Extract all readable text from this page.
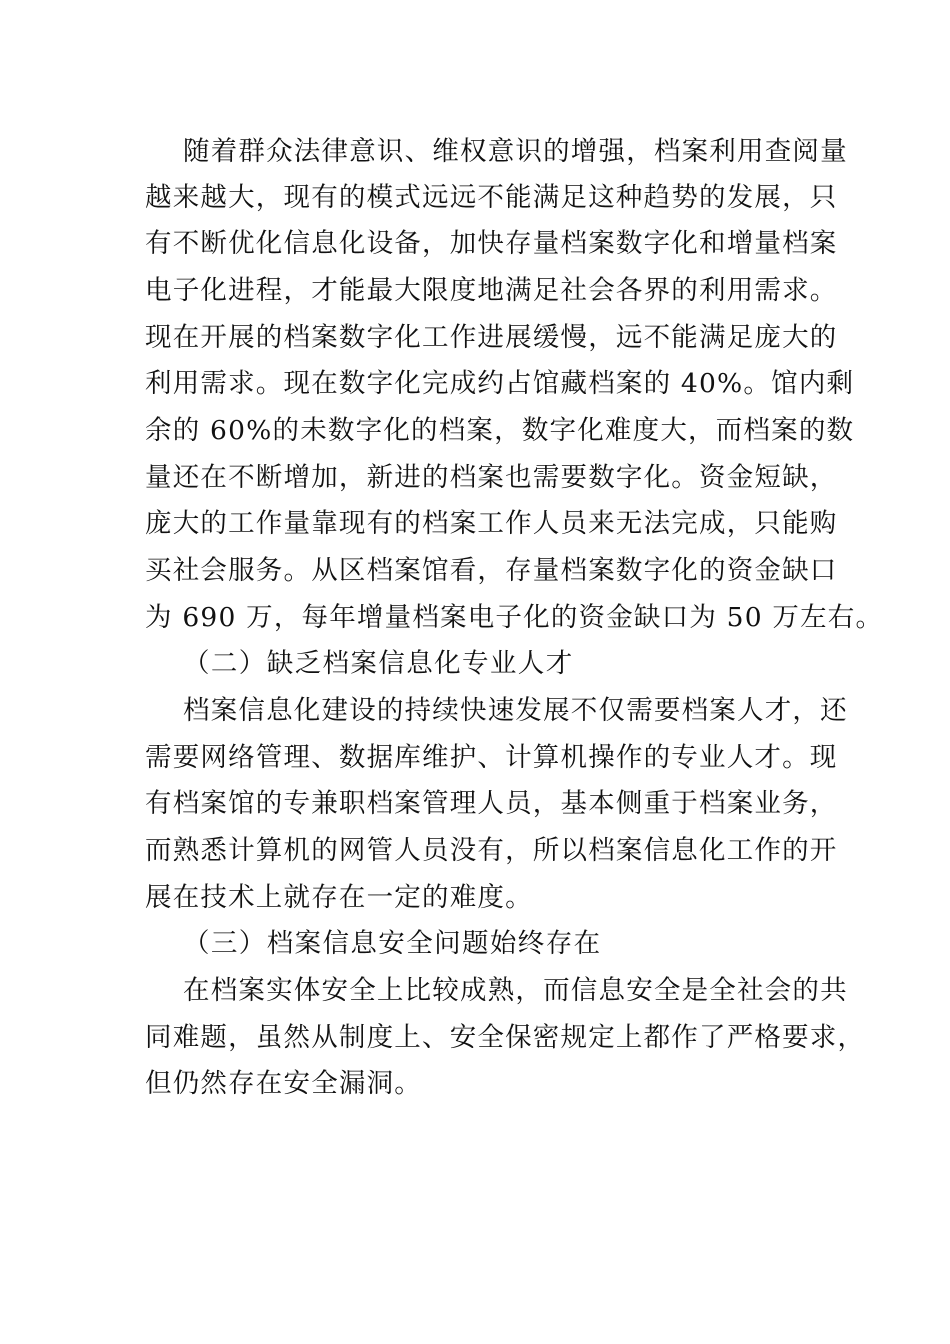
随着群众法律意识、维权意识的增强，档案利用查阅量
越来越大，现有的模式远远不能满足这种趋势的发展，只
有不断优化信息化设备，加快存量档案数字化和增量档案
电子化进程，才能最大限度地满足社会各界的利用需求。
现在开展的档案数字化工作进展缓慢，远不能满足庞大的
利用需求。现在数字化完成约占馆藏档案的 40%。馆内剩
余的 60%的未数字化的档案，数字化难度大，而档案的数
量还在不断增加，新进的档案也需要数字化。资金短缺，
庞大的工作量靠现有的档案工作人员来无法完成，只能购
买社会服务。从区档案馆看，存量档案数字化的资金缺口
为 690 万，每年增量档案电子化的资金缺口为 50 万左右。
（二）缺乏档案信息化专业人才
档案信息化建设的持续快速发展不仅需要档案人才，还
需要网络管理、数据库维护、计算机操作的专业人才。现
有档案馆的专兼职档案管理人员，基本侧重于档案业务，
而熟悉计算机的网管人员没有，所以档案信息化工作的开
展在技术上就存在一定的难度。
（三）档案信息安全问题始终存在
在档案实体安全上比较成熟，而信息安全是全社会的共
同难题，虽然从制度上、安全保密规定上都作了严格要求，
但仍然存在安全漏洞。
